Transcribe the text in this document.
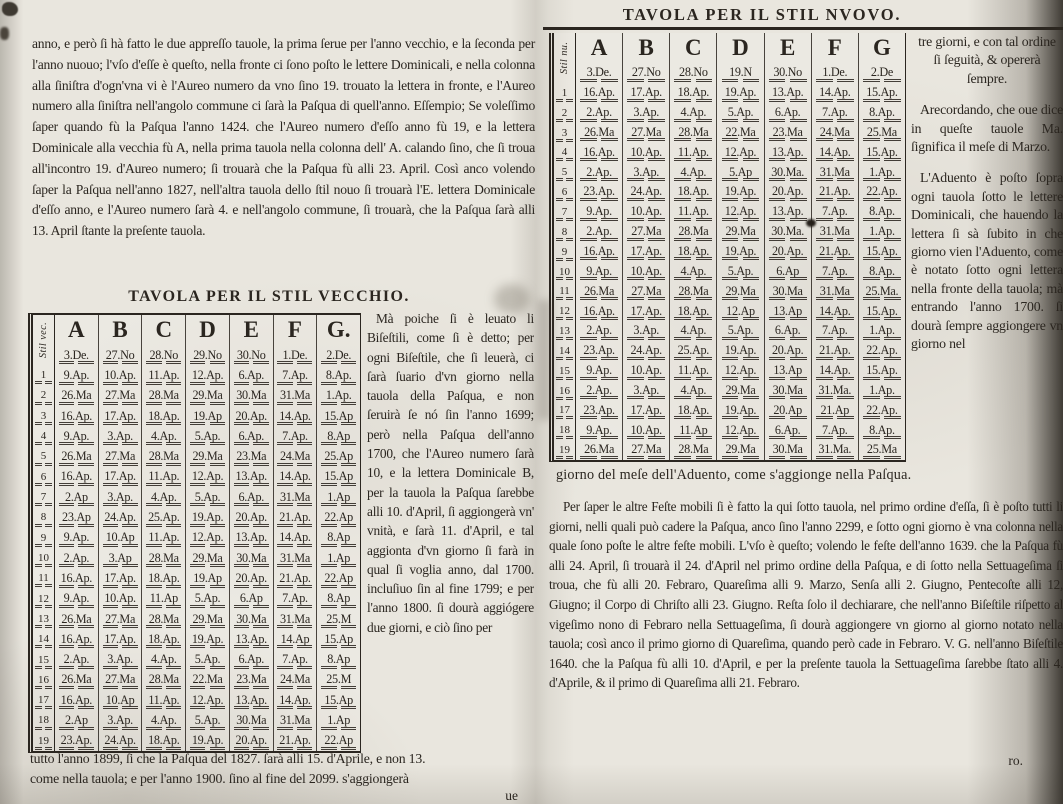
anno, e però ſi hà fatto le due appreſſo tauole, la prima ſerue per l'anno vecchio, e la ſeconda per l'anno nuouo; l'vſo d'eſſe è queſto, nella fronte ci ſono poſto le lettere Dominicali, e nella colonna alla ſiniſtra d'ogn'vna vi è l'Aureo numero da vno ſino 19. trouato la lettera in fronte, e l'Aureo numero alla ſiniſtra nell'angolo commune ci ſarà la Paſqua di quell'anno. Eſſempio; Se voleſſimo ſaper quando fù la Paſqua l'anno 1424. che l'Aureo numero d'eſſo anno fù 19, e la lettera Dominicale alla vecchia fù A, nella prima tauola nella colonna dell' A. calando ſino, che ſi troua all'incontro 19. d'Aureo numero; ſi trouarà che la Paſqua fù alli 23. April. Così anco volendo ſaper la Paſqua nell'anno 1827, nell'altra tauola dello ſtil nouo ſi trouarà l'E. lettera Dominicale d'eſſo anno, e l'Aureo numero ſarà 4. e nell'angolo commune, ſi trouarà, che la Paſqua ſarà alli 13. April ſtante la preſente tauola.

TAVOLA PER IL STIL VECCHIO.
Stil vec.
1
2
3
4
5
6
7
8
9
10
11
12
13
14
15
16
17
18
19
A
3.De.
9.Ap.
26.Ma
16.Ap.
9.Ap.
26.Ma
16.Ap.
2.Ap
23.Ap
9.Ap.
2.Ap.
16.Ap.
9.Ap.
26.Ma
16.Ap.
2.Ap.
26.Ma
16.Ap.
2.Ap
23.Ap.
B
27.No
10.Ap.
27.Ma
17.Ap.
3.Ap.
27.Ma
17.Ap.
3.Ap.
24.Ap.
10.Ap
3.Ap
17.Ap.
10.Ap.
27.Ma
17.Ap.
3.Ap.
27.Ma
10.Ap
3.Ap.
24.Ap.
C
28.No
11.Ap.
28.Ma
18.Ap.
4.Ap.
28.Ma
11.Ap.
4.Ap.
25.Ap.
11.Ap.
28.Ma
18.Ap.
11.Ap
28.Ma
18.Ap.
4.Ap.
28.Ma
11.Ap.
4.Ap.
18.Ap.
D
29.No
12.Ap.
29.Ma
19.Ap
5.Ap.
29.Ma
12.Ap.
5.Ap.
19.Ap.
12.Ap.
29.Ma
19.Ap
5.Ap.
29.Ma
19.Ap.
5.Ap.
22.Ma
12.Ap.
5.Ap.
19.Ap.
E
30.No
6.Ap.
30.Ma
20.Ap.
6.Ap.
23.Ma
13.Ap.
6.Ap.
20.Ap.
13.Ap.
30.Ma
20.Ap.
6.Ap
30.Ma
13.Ap.
6.Ap.
23.Ma
13.Ap.
30.Ma
20.Ap.
F
1.De.
7.Ap.
31.Ma
14.Ap.
7.Ap.
24.Ma
14.Ap.
31.Ma
21.Ap.
14.Ap.
31.Ma
21.Ap.
7.Ap.
31.Ma
14.Ap
7.Ap.
24.Ma
14.Ap.
31.Ma
21.Ap.
G.
2.De.
8.Ap.
1.Ap.
15.Ap
8.Ap
25.Ap
15.Ap
1.Ap
22.Ap
8.Ap
1.Ap
22.Ap
8.Ap
25.M
15.Ap
8.Ap
25.M
15.Ap
1.Ap
22.Ap
Mà poiche ſi è leuato li Biſeſtili, come ſi è detto; per ogni Biſeſtile, che ſi leuerà, ci ſarà ſuario d'vn giorno nella tauola della Paſqua, e non ſeruirà ſe nó ſin l'anno 1699; però nella Paſqua dell'anno 1700, che l'Aureo numero ſarà 10, e la lettera Dominicale B, per la tauola la Paſqua ſarebbe alli 10. d'April, ſi aggiongerà vn' vnità, e ſarà 11. d'April, e tal aggionta d'vn giorno ſi farà in qual ſi voglia anno, dal 1700. incluſiuo ſin al fine 1799; e per l'anno 1800. ſi dourà aggiógere due giorni, e ciò ſino per
tutto l'anno 1899, ſi che la Paſqua del 1827. ſarà alli 15. d'Aprile, e non 13.
come nella tauola; e per l'anno 1900. ſino al fine del 2099. s'aggiongerà
ue
TAVOLA PER IL STIL NVOVO.
Stil nu.
1
2
3
4
5
6
7
8
9
10
11
12
13
14
15
16
17
18
19
A
3.De.
16.Ap.
2.Ap.
26.Ma
16.Ap.
2.Ap.
23.Ap.
9.Ap.
2.Ap.
16.Ap.
9.Ap.
26.Ma
16.Ap.
2.Ap.
23.Ap.
9.Ap.
2.Ap.
23.Ap.
9.Ap.
26.Ma
B
27.No
17.Ap.
3.Ap.
27.Ma
10.Ap.
3.Ap.
24.Ap.
10.Ap.
27.Ma
17.Ap.
10.Ap.
27.Ma
17.Ap.
3.Ap.
24.Ap.
10.Ap.
3.Ap.
17.Ap.
10.Ap.
27.Ma
C
28.No
18.Ap.
4.Ap.
28.Ma
11.Ap.
4.Ap.
18.Ap.
11.Ap.
28.Ma
18.Ap.
4.Ap.
28.Ma
18.Ap.
4.Ap.
25.Ap.
11.Ap.
4.Ap.
18.Ap.
11.Ap
28.Ma
D
19.N
19.Ap.
5.Ap.
22.Ma
12.Ap.
5.Ap
19.Ap.
12.Ap.
29.Ma
19.Ap.
5.Ap.
29.Ma
12.Ap
5.Ap.
19.Ap.
12.Ap.
29.Ma
19.Ap.
12.Ap.
29.Ma
E
30.No
13.Ap.
6.Ap.
23.Ma
13.Ap.
30.Ma.
20.Ap.
13.Ap.
30.Ma.
20.Ap.
6.Ap
30.Ma
13.Ap
6.Ap.
20.Ap.
13.Ap
30.Ma
20.Ap
6.Ap.
30.Ma
F
1.De.
14.Ap.
7.Ap.
24.Ma
14.Ap.
31.Ma
21.Ap.
7.Ap.
31.Ma
21.Ap.
7.Ap.
31.Ma
14.Ap.
7.Ap.
21.Ap.
14.Ap.
31.Ma.
21.Ap
7.Ap.
31.Ma.
G
2.De
15.Ap.
8.Ap.
25.Ma
15.Ap.
1.Ap.
22.Ap.
8.Ap.
1.Ap.
15.Ap.
8.Ap.
25.Ma.
15.Ap.
1.Ap.
22.Ap.
15.Ap.
1.Ap.
22.Ap.
8.Ap.
25.Ma

tre giorni, e con tal ordine ſi ſeguità, & opererà ſempre.

Arecordando, che oue dice in queſte tauole Ma. ſignifica il meſe di Marzo.

L'Aduento è poſto ſopra ogni tauola ſotto le lettere Dominicali, che hauendo la lettera ſi sà ſubito in che giorno vien l'Aduento, come è notato ſotto ogni lettera nella fronte della tauola; mà entrando l'anno 1700. ſi dourà ſempre aggiongere vn giorno nel

giorno del meſe dell'Aduento, come s'aggionge nella Paſqua.

Per ſaper le altre Feſte mobili ſi è fatto la qui ſotto tauola, nel primo ordine d'eſſa, ſi è poſto tutti li giorni, nelli quali può cadere la Paſqua, anco ſino l'anno 2299, e ſotto ogni giorno è vna colonna nella quale ſono poſte le altre feſte mobili. L'vſo è queſto; volendo le feſte dell'anno 1639. che la Paſqua fù alli 24. April, ſi trouarà il 24. d'April nel primo ordine della Paſqua, e di ſotto nella Settuageſima ſi troua, che fù alli 20. Febraro, Quareſima alli 9. Marzo, Senſa alli 2. Giugno, Pentecoſte alli 12, Giugno; il Corpo di Chriſto alli 23. Giugno. Reſta ſolo il dechiarare, che nell'anno Biſeſtile riſpetto al vigeſimo nono di Febraro nella Settuageſima, ſi dourà aggiongere vn giorno al giorno notato nella tauola; così anco il primo giorno di Quareſima, quando però cade in Febraro. V. G. nell'anno Biſeſtile 1640. che la Paſqua fù alli 10. d'April, e per la preſente tauola la Settuageſima ſarebbe ſtato alli 4. d'Aprile, & il primo di Quareſima alli 21. Febraro.

ro.
